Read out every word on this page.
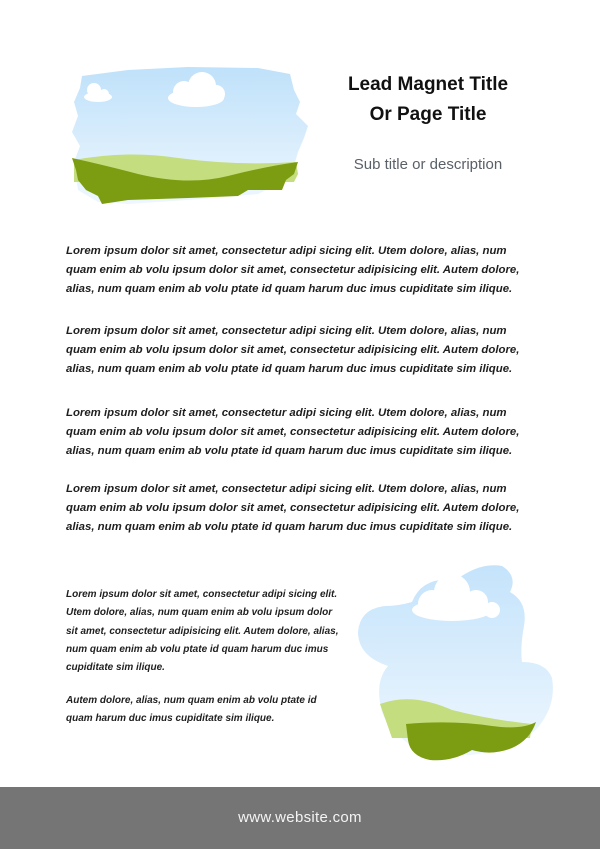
Lead Magnet Title
Or Page Title
Sub title or description

Lorem ipsum dolor sit amet, consectetur adipi sicing elit. Utem dolore, alias, num quam enim ab volu ipsum dolor sit amet, consectetur adipisicing elit. Autem dolore, alias, num quam enim ab volu ptate id quam harum duc imus cupiditate sim ilique.

Lorem ipsum dolor sit amet, consectetur adipi sicing elit. Utem dolore, alias, num quam enim ab volu ipsum dolor sit amet, consectetur adipisicing elit. Autem dolore, alias, num quam enim ab volu ptate id quam harum duc imus cupiditate sim ilique.

Lorem ipsum dolor sit amet, consectetur adipi sicing elit. Utem dolore, alias, num quam enim ab volu ipsum dolor sit amet, consectetur adipisicing elit. Autem dolore, alias, num quam enim ab volu ptate id quam harum duc imus cupiditate sim ilique.

Lorem ipsum dolor sit amet, consectetur adipi sicing elit. Utem dolore, alias, num quam enim ab volu ipsum dolor sit amet, consectetur adipisicing elit. Autem dolore, alias, num quam enim ab volu ptate id quam harum duc imus cupiditate sim ilique.

Lorem ipsum dolor sit amet, consectetur adipi sicing elit. Utem dolore, alias, num quam enim ab volu ipsum dolor sit amet, consectetur adipisicing elit. Autem dolore, alias, num quam enim ab volu ptate id quam harum duc imus cupiditate sim ilique.

Autem dolore, alias, num quam enim ab volu ptate id quam harum duc imus cupiditate sim ilique.

www.website.com
